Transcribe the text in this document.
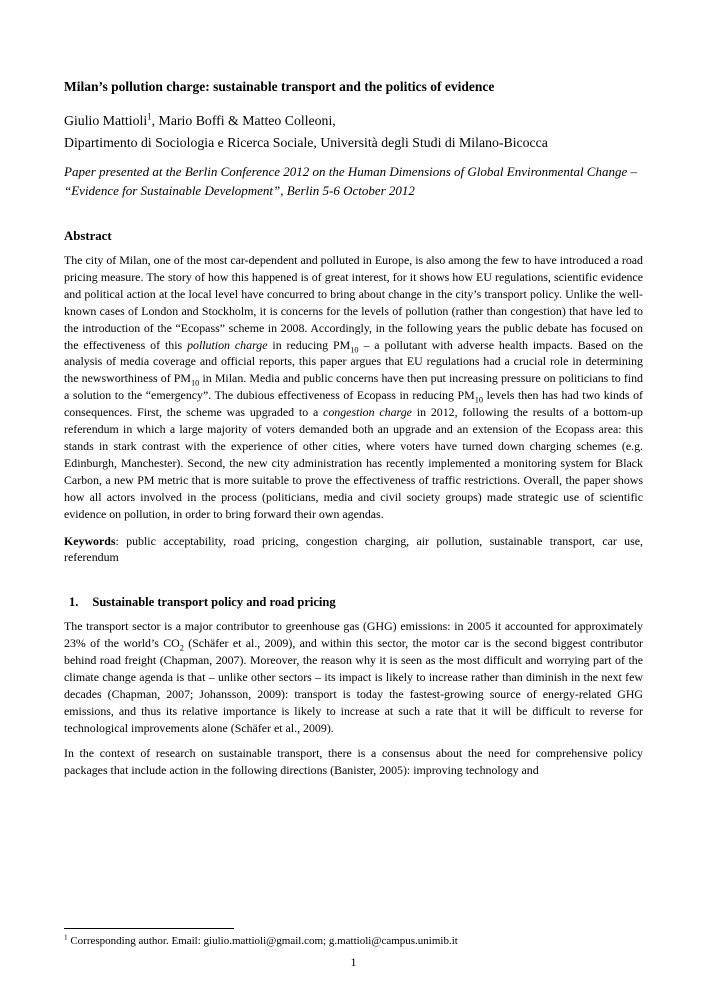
Milan’s pollution charge: sustainable transport and the politics of evidence

Giulio Mattioli$^1$, Mario Boffi & Matteo Colleoni,

Dipartimento di Sociologia e Ricerca Sociale, Università degli Studi di Milano-Bicocca

Paper presented at the Berlin Conference 2012 on the Human Dimensions of Global Environmental Change – “Evidence for Sustainable Development”, Berlin 5-6 October 2012

Abstract

The city of Milan, one of the most car-dependent and polluted in Europe, is also among the few to have introduced a road pricing measure. The story of how this happened is of great interest, for it shows how EU regulations, scientific evidence and political action at the local level have concurred to bring about change in the city’s transport policy. Unlike the well-known cases of London and Stockholm, it is concerns for the levels of pollution (rather than congestion) that have led to the introduction of the “Ecopass” scheme in 2008. Accordingly, in the following years the public debate has focused on the effectiveness of this pollution charge in reducing $PM_{10}$ – a pollutant with adverse health impacts. Based on the analysis of media coverage and official reports, this paper argues that EU regulations had a crucial role in determining the newsworthiness of $PM_{10}$ in Milan. Media and public concerns have then put increasing pressure on politicians to find a solution to the “emergency”. The dubious effectiveness of Ecopass in reducing $PM_{10}$ levels then has had two kinds of consequences. First, the scheme was upgraded to a congestion charge in 2012, following the results of a bottom-up referendum in which a large majority of voters demanded both an upgrade and an extension of the Ecopass area: this stands in stark contrast with the experience of other cities, where voters have turned down charging schemes (e.g. Edinburgh, Manchester). Second, the new city administration has recently implemented a monitoring system for Black Carbon, a new PM metric that is more suitable to prove the effectiveness of traffic restrictions. Overall, the paper shows how all actors involved in the process (politicians, media and civil society groups) made strategic use of scientific evidence on pollution, in order to bring forward their own agendas.

Keywords: public acceptability, road pricing, congestion charging, air pollution, sustainable transport, car use, referendum

1. Sustainable transport policy and road pricing

The transport sector is a major contributor to greenhouse gas (GHG) emissions: in 2005 it accounted for approximately 23% of the world’s $CO_2$ (Schäfer et al., 2009), and within this sector, the motor car is the second biggest contributor behind road freight (Chapman, 2007). Moreover, the reason why it is seen as the most difficult and worrying part of the climate change agenda is that – unlike other sectors – its impact is likely to increase rather than diminish in the next few decades (Chapman, 2007; Johansson, 2009): transport is today the fastest-growing source of energy-related GHG emissions, and thus its relative importance is likely to increase at such a rate that it will be difficult to reverse for technological improvements alone (Schäfer et al., 2009).

In the context of research on sustainable transport, there is a consensus about the need for comprehensive policy packages that include action in the following directions (Banister, 2005): improving technology and

$^1$ Corresponding author. Email: giulio.mattioli@gmail.com; g.mattioli@campus.unimib.it

1
